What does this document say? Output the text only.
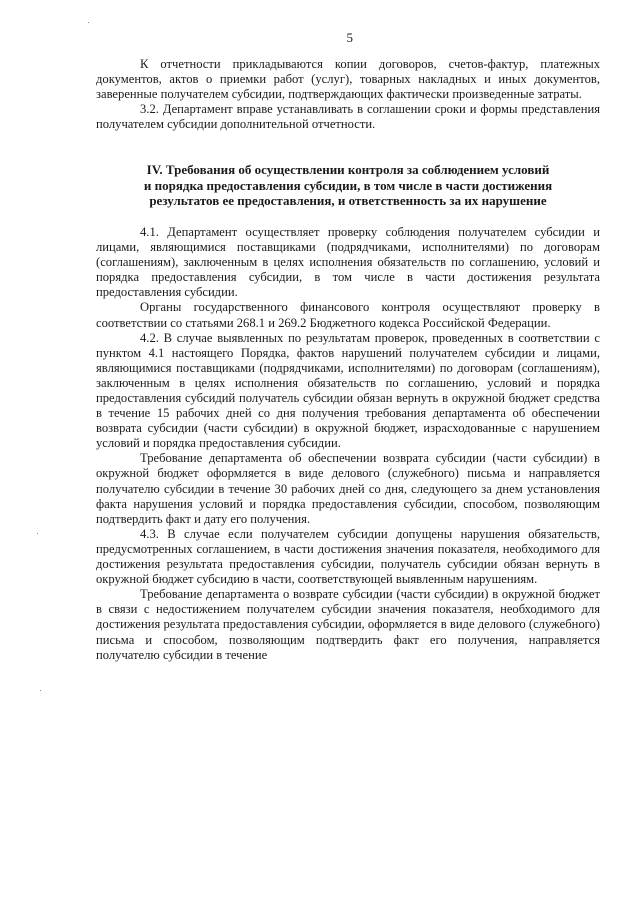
5

К отчетности прикладываются копии договоров, счетов-фактур, платежных документов, актов о приемки работ (услуг), товарных накладных и иных документов, заверенные получателем субсидии, подтверждающих фактически произведенные затраты.

3.2. Департамент вправе устанавливать в соглашении сроки и формы представления получателем субсидии дополнительной отчетности.

IV. Требования об осуществлении контроля за соблюдением условий
и порядка предоставления субсидии, в том числе в части достижения
результатов ее предоставления, и ответственность за их нарушение

4.1. Департамент осуществляет проверку соблюдения получателем субсидии и лицами, являющимися поставщиками (подрядчиками, исполнителями) по договорам (соглашениям), заключенным в целях исполнения обязательств по соглашению, условий и порядка предоставления субсидии, в том числе в части достижения результата предоставления субсидии.

Органы государственного финансового контроля осуществляют проверку в соответствии со статьями 268.1 и 269.2 Бюджетного кодекса Российской Федерации.

4.2. В случае выявленных по результатам проверок, проведенных в соответствии с пунктом 4.1 настоящего Порядка, фактов нарушений получателем субсидии и лицами, являющимися поставщиками (подрядчиками, исполнителями) по договорам (соглашениям), заключенным в целях исполнения обязательств по соглашению, условий и порядка предоставления субсидий получатель субсидии обязан вернуть в окружной бюджет средства в течение 15 рабочих дней со дня получения требования департамента об обеспечении возврата субсидии (части субсидии) в окружной бюджет, израсходованные с нарушением условий и порядка предоставления субсидии.

Требование департамента об обеспечении возврата субсидии (части субсидии) в окружной бюджет оформляется в виде делового (служебного) письма и направляется получателю субсидии в течение 30 рабочих дней со дня, следующего за днем установления факта нарушения условий и порядка предоставления субсидии, способом, позволяющим подтвердить факт и дату его получения.

4.3. В случае если получателем субсидии допущены нарушения обязательств, предусмотренных соглашением, в части достижения значения показателя, необходимого для достижения результата предоставления субсидии, получатель субсидии обязан вернуть в окружной бюджет субсидию в части, соответствующей выявленным нарушениям.

Требование департамента о возврате субсидии (части субсидии) в окружной бюджет в связи с недостижением получателем субсидии значения показателя, необходимого для достижения результата предоставления субсидии, оформляется в виде делового (служебного) письма и способом, позволяющим подтвердить факт его получения, направляется получателю субсидии в течение
